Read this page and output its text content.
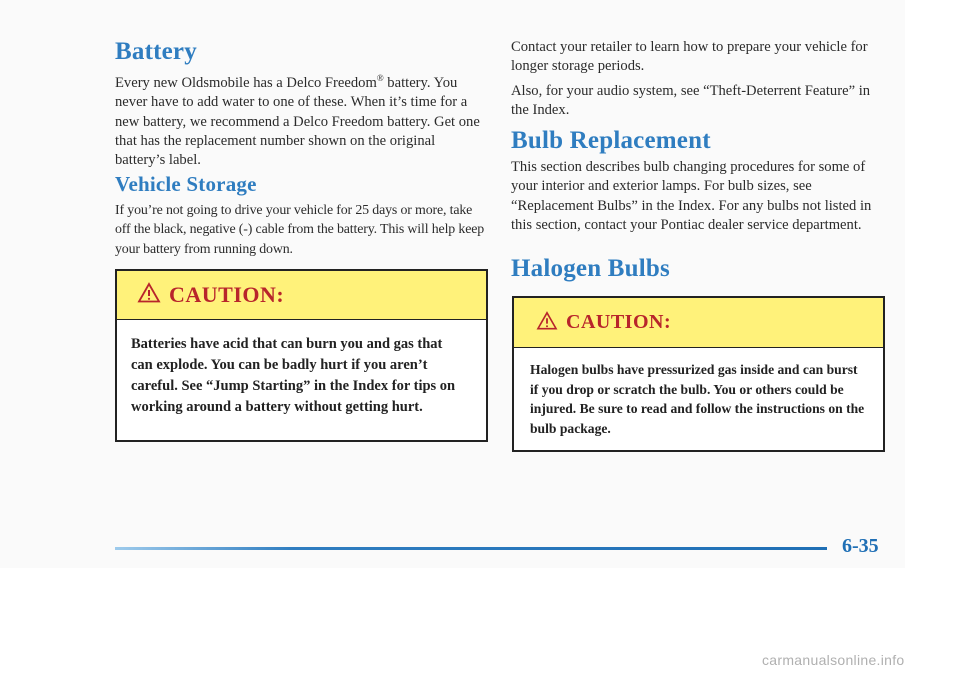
Battery

Every new Oldsmobile has a Delco Freedom® battery. You never have to add water to one of these. When it’s time for a new battery, we recommend a Delco Freedom battery. Get one that has the replacement number shown on the original battery’s label.

Vehicle Storage

If you’re not going to drive your vehicle for 25 days or more, take off the black, negative (-) cable from the battery. This will help keep your battery from running down.

CAUTION:

Batteries have acid that can burn you and gas that can explode. You can be badly hurt if you aren’t careful. See “Jump Starting” in the Index for tips on working around a battery without getting hurt.

Contact your retailer to learn how to prepare your vehicle for longer storage periods.

Also, for your audio system, see “Theft-Deterrent Feature” in the Index.

Bulb Replacement

This section describes bulb changing procedures for some of your interior and exterior lamps. For bulb sizes, see “Replacement Bulbs” in the Index. For any bulbs not listed in this section, contact your Pontiac dealer service department.

Halogen Bulbs
CAUTION:

Halogen bulbs have pressurized gas inside and can burst if you drop or scratch the bulb. You or others could be injured. Be sure to read and follow the instructions on the bulb package.

6-35
carmanualsonline.info
